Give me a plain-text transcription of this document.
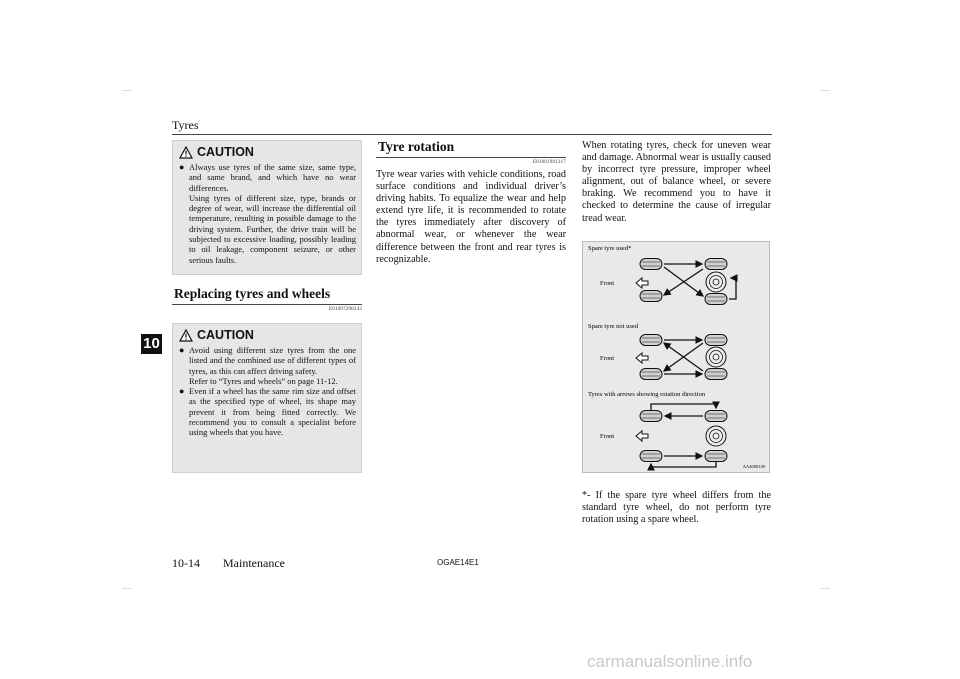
Tyres
10
CAUTION
● Always use tyres of the same size, same type, and same brand, and which have no wear differences.
Using tyres of different size, type, brands or degree of wear, will increase the differential oil temperature, resulting in possible damage to the driving system. Further, the drive train will be subjected to excessive loading, possibly leading to oil leakage, component seizure, or other serious faults.
Replacing tyres and wheels
E01007200243
CAUTION
● Avoid using different size tyres from the one listed and the combined use of different types of tyres, as this can affect driving safety.
Refer to “Tyres and wheels” on page 11-12.
● Even if a wheel has the same rim size and offset as the specified type of wheel, its shape may prevent it from being fitted correctly. We recommend you to consult a specialist before using wheels that you have.
Tyre rotation
E01001901317
Tyre wear varies with vehicle conditions, road surface conditions and individual driver’s driving habits. To equalize the wear and help extend tyre life, it is recommended to rotate the tyres immediately after discovery of abnormal wear, or whenever the wear difference between the front and rear tyres is recognizable.
When rotating tyres, check for uneven wear and damage. Abnormal wear is usually caused by incorrect tyre pressure, improper wheel alignment, out of balance wheel, or severe braking. We recommend you to have it checked to determine the cause of irregular tread wear.
Spare tyre used*
Front
Spare tyre not used
Front
Tyres with arrows showing rotation direction
Front
AA4000149
*- If the spare tyre wheel differs from the standard tyre wheel, do not perform tyre rotation using a spare wheel.
10-14 Maintenance	OGAE14E1
carmanualsonline.info
